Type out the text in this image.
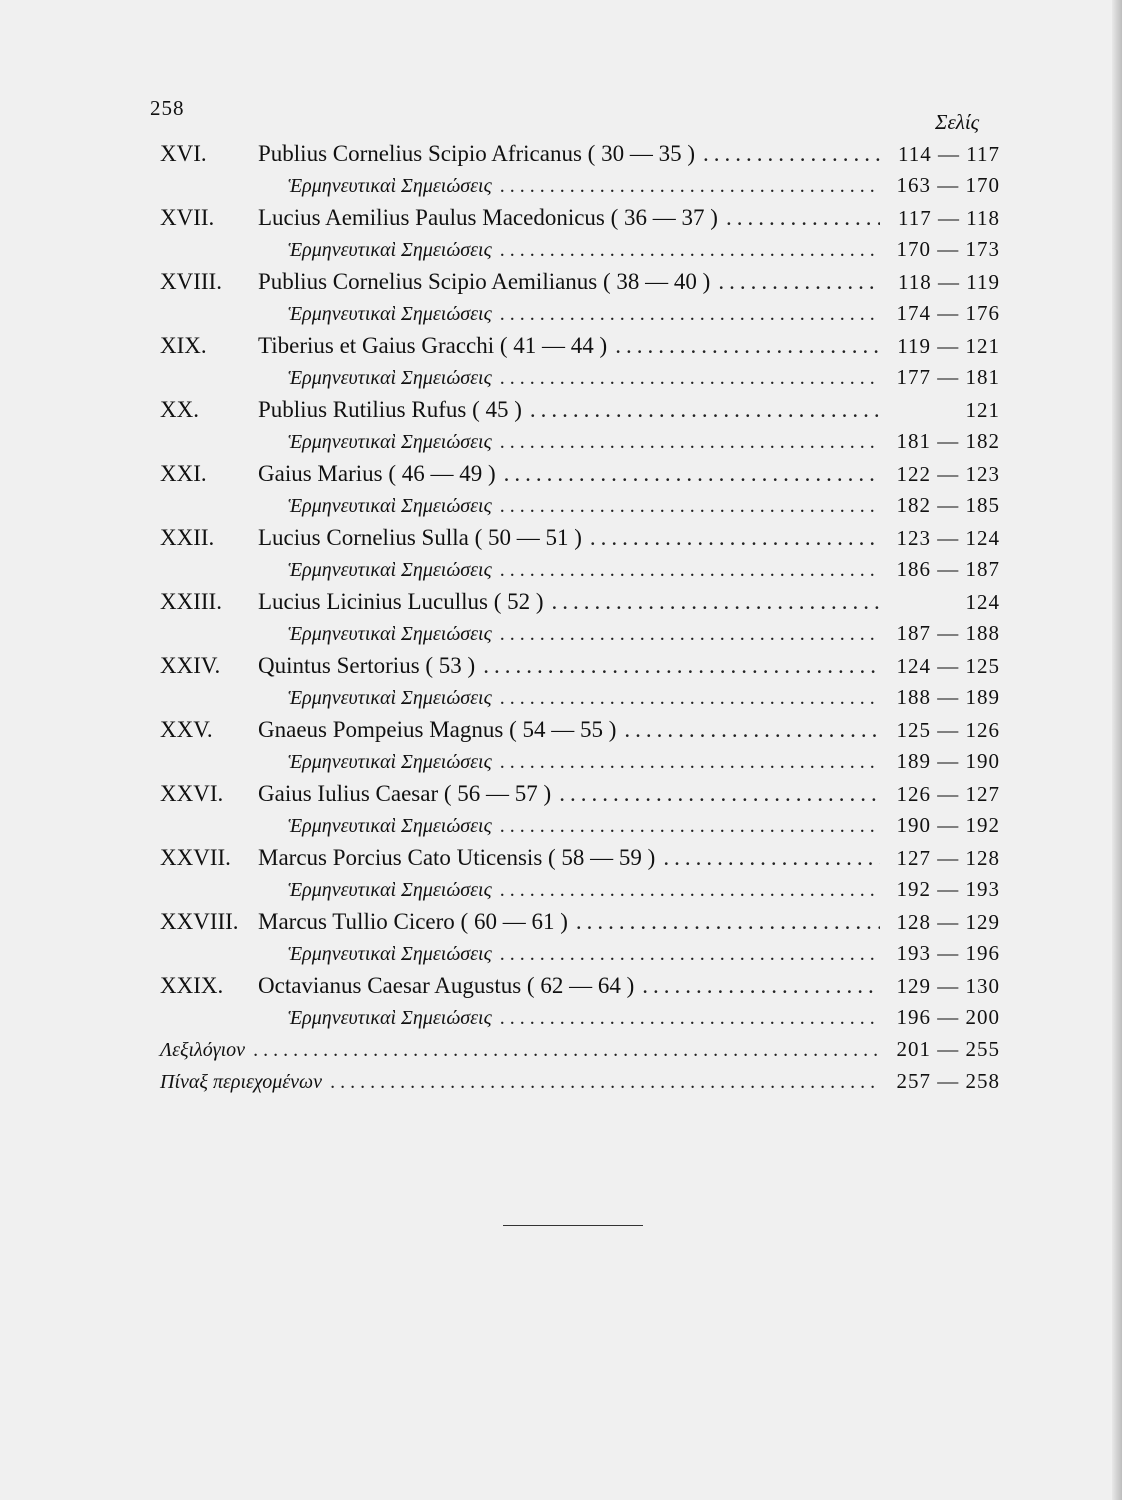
258
Σελίς
XVI.	Publius Cornelius Scipio Africanus ( 30 — 35 ) .....	114 — 117
Ἑρμηνευτικαὶ Σημειώσεις .....	163 — 170
XVII.	Lucius Aemilius Paulus Macedonicus ( 36 — 37 ) .....	117 — 118
Ἑρμηνευτικαὶ Σημειώσεις .....	170 — 173
XVIII.	Publius Cornelius Scipio Aemilianus ( 38 — 40 ) .....	118 — 119
Ἑρμηνευτικαὶ Σημειώσεις .....	174 — 176
XIX.	Tiberius et Gaius Gracchi ( 41 — 44 ) .....	119 — 121
Ἑρμηνευτικαὶ Σημειώσεις .....	177 — 181
XX.	Publius Rutilius Rufus ( 45 ) .....	121
Ἑρμηνευτικαὶ Σημειώσεις .....	181 — 182
XXI.	Gaius Marius ( 46 — 49 ) .....	122 — 123
Ἑρμηνευτικαὶ Σημειώσεις .....	182 — 185
XXII.	Lucius Cornelius Sulla ( 50 — 51 ) .....	123 — 124
Ἑρμηνευτικαὶ Σημειώσεις .....	186 — 187
XXIII.	Lucius Licinius Lucullus ( 52 ) .....	124
Ἑρμηνευτικαὶ Σημειώσεις .....	187 — 188
XXIV.	Quintus Sertorius ( 53 ) .....	124 — 125
Ἑρμηνευτικαὶ Σημειώσεις .....	188 — 189
XXV.	Gnaeus Pompeius Magnus ( 54 — 55 ) .....	125 — 126
Ἑρμηνευτικαὶ Σημειώσεις .....	189 — 190
XXVI.	Gaius Iulius Caesar ( 56 — 57 ) .....	126 — 127
Ἑρμηνευτικαὶ Σημειώσεις .....	190 — 192
XXVII.	Marcus Porcius Cato Uticensis ( 58 — 59 ) .....	127 — 128
Ἑρμηνευτικαὶ Σημειώσεις .....	192 — 193
XXVIII. Marcus Tullio Cicero ( 60 — 61 ) .....	128 — 129
Ἑρμηνευτικαὶ Σημειώσεις .....	193 — 196
XXIX.	Octavianus Caesar Augustus ( 62 — 64 ) .....	129 — 130
Ἑρμηνευτικαὶ Σημειώσεις .....	196 — 200
Λεξιλόγιον .....	201 — 255
Πίναξ περιεχομένων .....	257 — 258
